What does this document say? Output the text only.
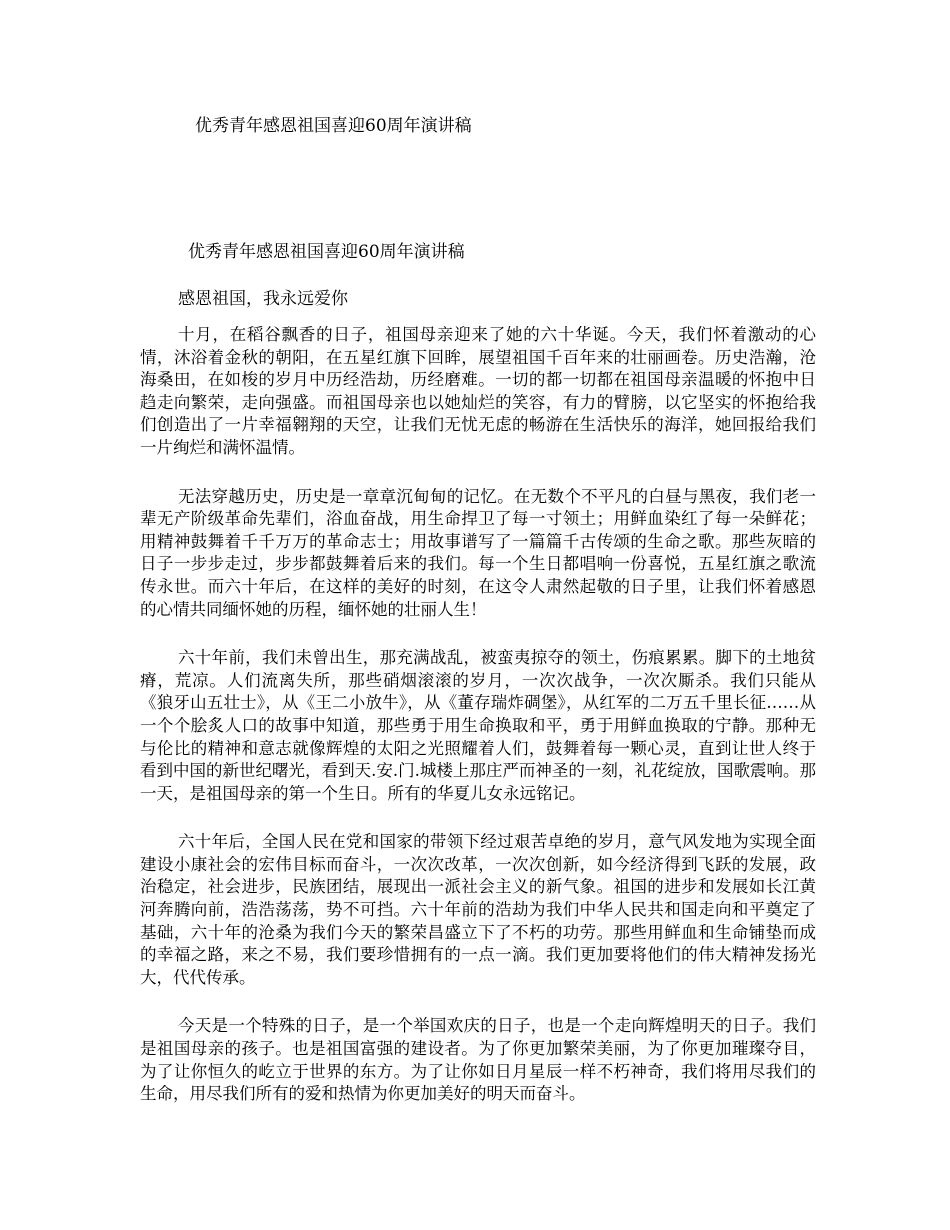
优秀青年感恩祖国喜迎60周年演讲稿
优秀青年感恩祖国喜迎60周年演讲稿
感恩祖国，我永远爱你

十月，在稻谷飘香的日子，祖国母亲迎来了她的六十华诞。今天，我们怀着激动的心情，沐浴着金秋的朝阳，在五星红旗下回眸，展望祖国千百年来的壮丽画卷。历史浩瀚，沧海桑田，在如梭的岁月中历经浩劫，历经磨难。一切的都一切都在祖国母亲温暖的怀抱中日趋走向繁荣，走向强盛。而祖国母亲也以她灿烂的笑容，有力的臂膀，以它坚实的怀抱给我们创造出了一片幸福翱翔的天空，让我们无忧无虑的畅游在生活快乐的海洋，她回报给我们一片绚烂和满怀温情。

无法穿越历史，历史是一章章沉甸甸的记忆。在无数个不平凡的白昼与黑夜，我们老一辈无产阶级革命先辈们，浴血奋战，用生命捍卫了每一寸领土；用鲜血染红了每一朵鲜花；用精神鼓舞着千千万万的革命志士；用故事谱写了一篇篇千古传颂的生命之歌。那些灰暗的日子一步步走过，步步都鼓舞着后来的我们。每一个生日都唱响一份喜悦，五星红旗之歌流传永世。而六十年后，在这样的美好的时刻，在这令人肃然起敬的日子里，让我们怀着感恩的心情共同缅怀她的历程，缅怀她的壮丽人生！

六十年前，我们未曾出生，那充满战乱，被蛮夷掠夺的领土，伤痕累累。脚下的土地贫瘠，荒凉。人们流离失所，那些硝烟滚滚的岁月，一次次战争，一次次厮杀。我们只能从《狼牙山五壮士》，从《王二小放牛》，从《董存瑞炸碉堡》，从红军的二万五千里长征……从一个个脍炙人口的故事中知道，那些勇于用生命换取和平，勇于用鲜血换取的宁静。那种无与伦比的精神和意志就像辉煌的太阳之光照耀着人们，鼓舞着每一颗心灵，直到让世人终于看到中国的新世纪曙光，看到天.安.门.城楼上那庄严而神圣的一刻，礼花绽放，国歌震响。那一天，是祖国母亲的第一个生日。所有的华夏儿女永远铭记。

六十年后，全国人民在党和国家的带领下经过艰苦卓绝的岁月，意气风发地为实现全面建设小康社会的宏伟目标而奋斗，一次次改革，一次次创新，如今经济得到飞跃的发展，政治稳定，社会进步，民族团结，展现出一派社会主义的新气象。祖国的进步和发展如长江黄河奔腾向前，浩浩荡荡，势不可挡。六十年前的浩劫为我们中华人民共和国走向和平奠定了基础，六十年的沧桑为我们今天的繁荣昌盛立下了不朽的功劳。那些用鲜血和生命铺垫而成的幸福之路，来之不易，我们要珍惜拥有的一点一滴。我们更加要将他们的伟大精神发扬光大，代代传承。

今天是一个特殊的日子，是一个举国欢庆的日子，也是一个走向辉煌明天的日子。我们是祖国母亲的孩子。也是祖国富强的建设者。为了你更加繁荣美丽，为了你更加璀璨夺目，为了让你恒久的屹立于世界的东方。为了让你如日月星辰一样不朽神奇，我们将用尽我们的生命，用尽我们所有的爱和热情为你更加美好的明天而奋斗。
